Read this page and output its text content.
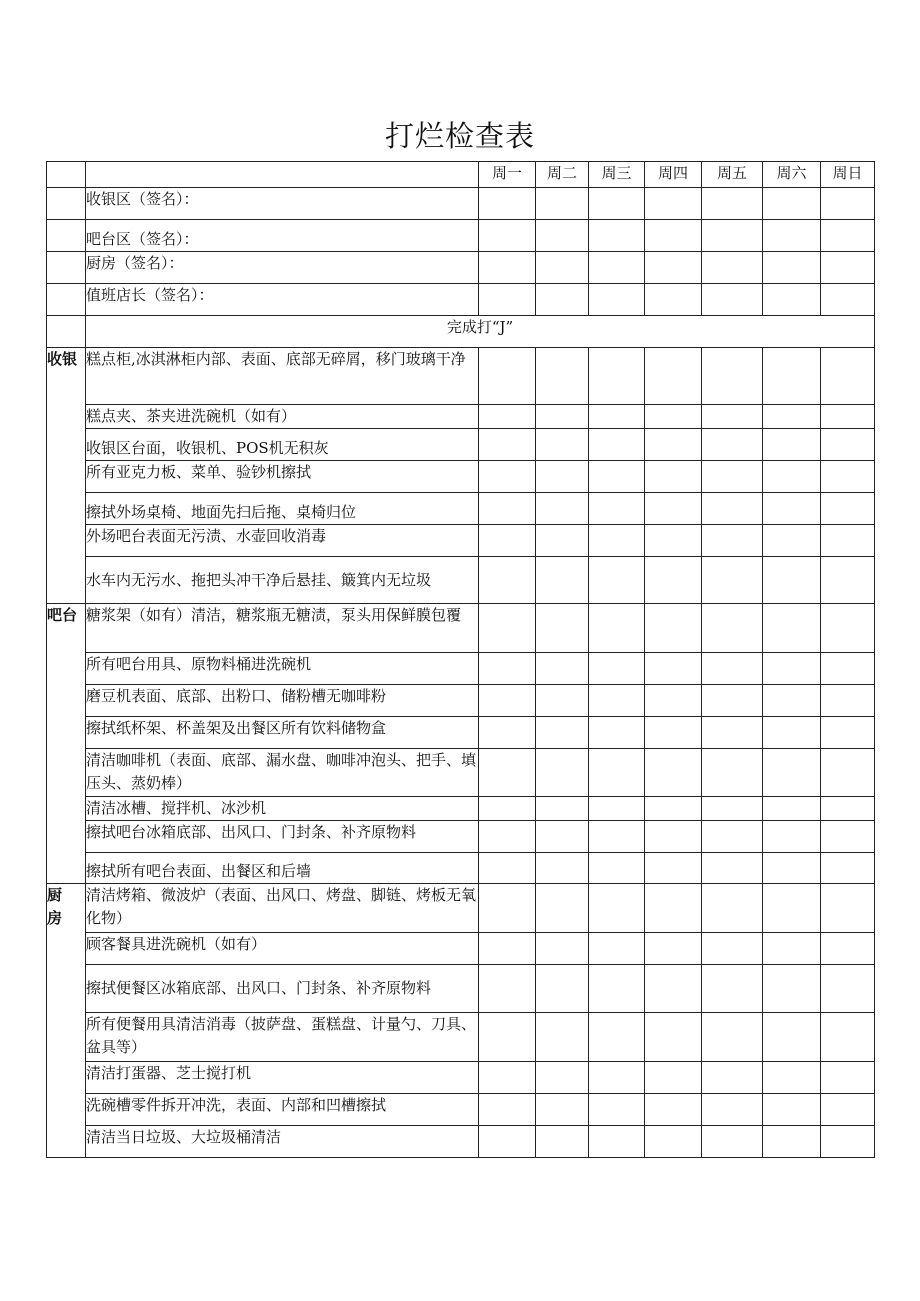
打烂检查表
		周一	周二	周三	周四	周五	周六	周日
	收银区（签名）：							
	吧台区（签名）：							
	厨房（签名）：							
	值班店长（签名）：							
	完成打“J”							
收银	糕点柜,冰淇淋柜内部、表面、底部无碎屑，移门玻璃干净							
	糕点夹、茶夹进洗碗机（如有）							
	收银区台面，收银机、POS机无积灰							
	所有亚克力板、菜单、验钞机擦拭							
	擦拭外场桌椅、地面先扫后拖、桌椅归位							
	外场吧台表面无污渍、水壶回收消毒							
	水车内无污水、拖把头冲干净后悬挂、簸箕内无垃圾							
吧台	糖浆架（如有）清洁，糖浆瓶无糖渍，泵头用保鲜膜包覆							
	所有吧台用具、原物料桶进洗碗机							
	磨豆机表面、底部、出粉口、储粉槽无咖啡粉							
	擦拭纸杯架、杯盖架及出餐区所有饮料储物盒							
	清洁咖啡机（表面、底部、漏水盘、咖啡冲泡头、把手、填压头、蒸奶棒）							
	清洁冰槽、搅拌机、冰沙机							
	擦拭吧台冰箱底部、出风口、门封条、补齐原物料							
	擦拭所有吧台表面、出餐区和后墙							
厨房	清洁烤箱、微波炉（表面、出风口、烤盘、脚链、烤板无氧化物）							
	顾客餐具进洗碗机（如有）							
	擦拭便餐区冰箱底部、出风口、门封条、补齐原物料							
	所有便餐用具清洁消毒（披萨盘、蛋糕盘、计量勺、刀具、盆具等）							
	清洁打蛋器、芝士搅打机							
	洗碗槽零件拆开冲洗，表面、内部和凹槽擦拭							
	清洁当日垃圾、大垃圾桶清洁							
